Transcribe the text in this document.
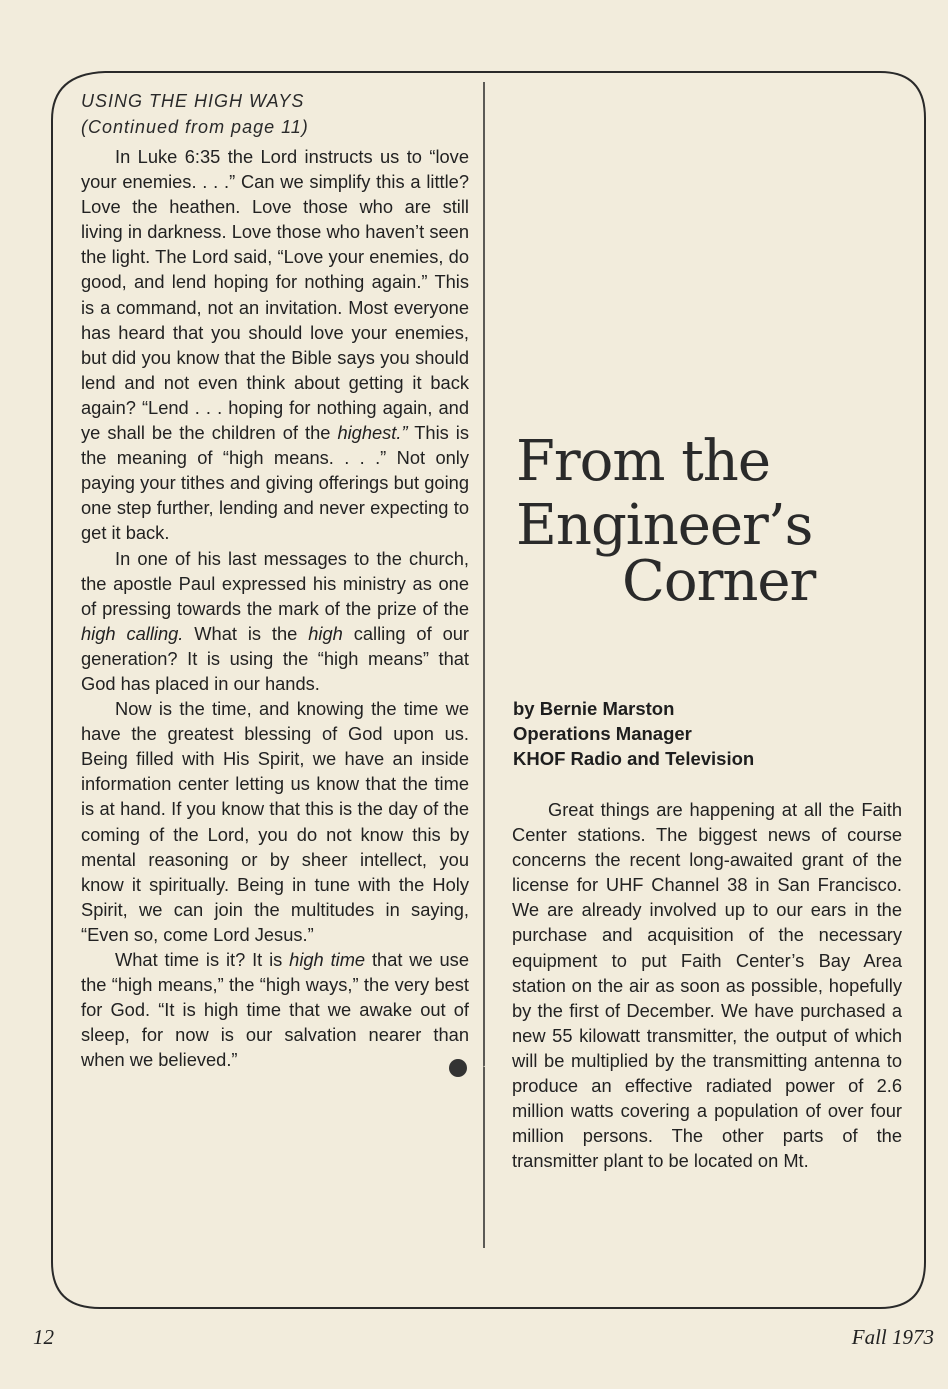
USING THE HIGH WAYS
(Continued from page 11)

In Luke 6:35 the Lord instructs us to “love your enemies. . . .” Can we simplify this a little? Love the heathen. Love those who are still living in darkness. Love those who haven’t seen the light. The Lord said, “Love your enemies, do good, and lend hoping for nothing again.” This is a command, not an invitation. Most everyone has heard that you should love your enemies, but did you know that the Bible says you should lend and not even think about getting it back again? “Lend . . . hoping for nothing again, and ye shall be the children of the highest.” This is the meaning of “high means. . . .” Not only paying your tithes and giving offerings but going one step further, lending and never expecting to get it back.

In one of his last messages to the church, the apostle Paul expressed his ministry as one of pressing towards the mark of the prize of the high calling. What is the high calling of our generation? It is using the “high means” that God has placed in our hands.

Now is the time, and knowing the time we have the greatest blessing of God upon us. Being filled with His Spirit, we have an inside information center letting us know that the time is at hand. If you know that this is the day of the coming of the Lord, you do not know this by mental reasoning or by sheer intellect, you know it spiritually. Being in tune with the Holy Spirit, we can join the multitudes in saying, “Even so, come Lord Jesus.”

What time is it? It is high time that we use the “high means,” the “high ways,” the very best for God. “It is high time that we awake out of sleep, for now is our salvation nearer than when we believed.”	✦

From the
Engineer’s
Corner
by Bernie Marston
Operations Manager
KHOF Radio and Television

Great things are happening at all the Faith Center stations. The biggest news of course concerns the recent long-awaited grant of the license for UHF Channel 38 in San Francisco. We are already involved up to our ears in the purchase and acquisition of the necessary equipment to put Faith Center’s Bay Area station on the air as soon as possible, hopefully by the first of December. We have purchased a new 55 kilowatt transmitter, the output of which will be multiplied by the transmitting antenna to produce an effective radiated power of 2.6 million watts covering a population of over four million persons. The other parts of the transmitter plant to be located on Mt.

12	Fall 1973
